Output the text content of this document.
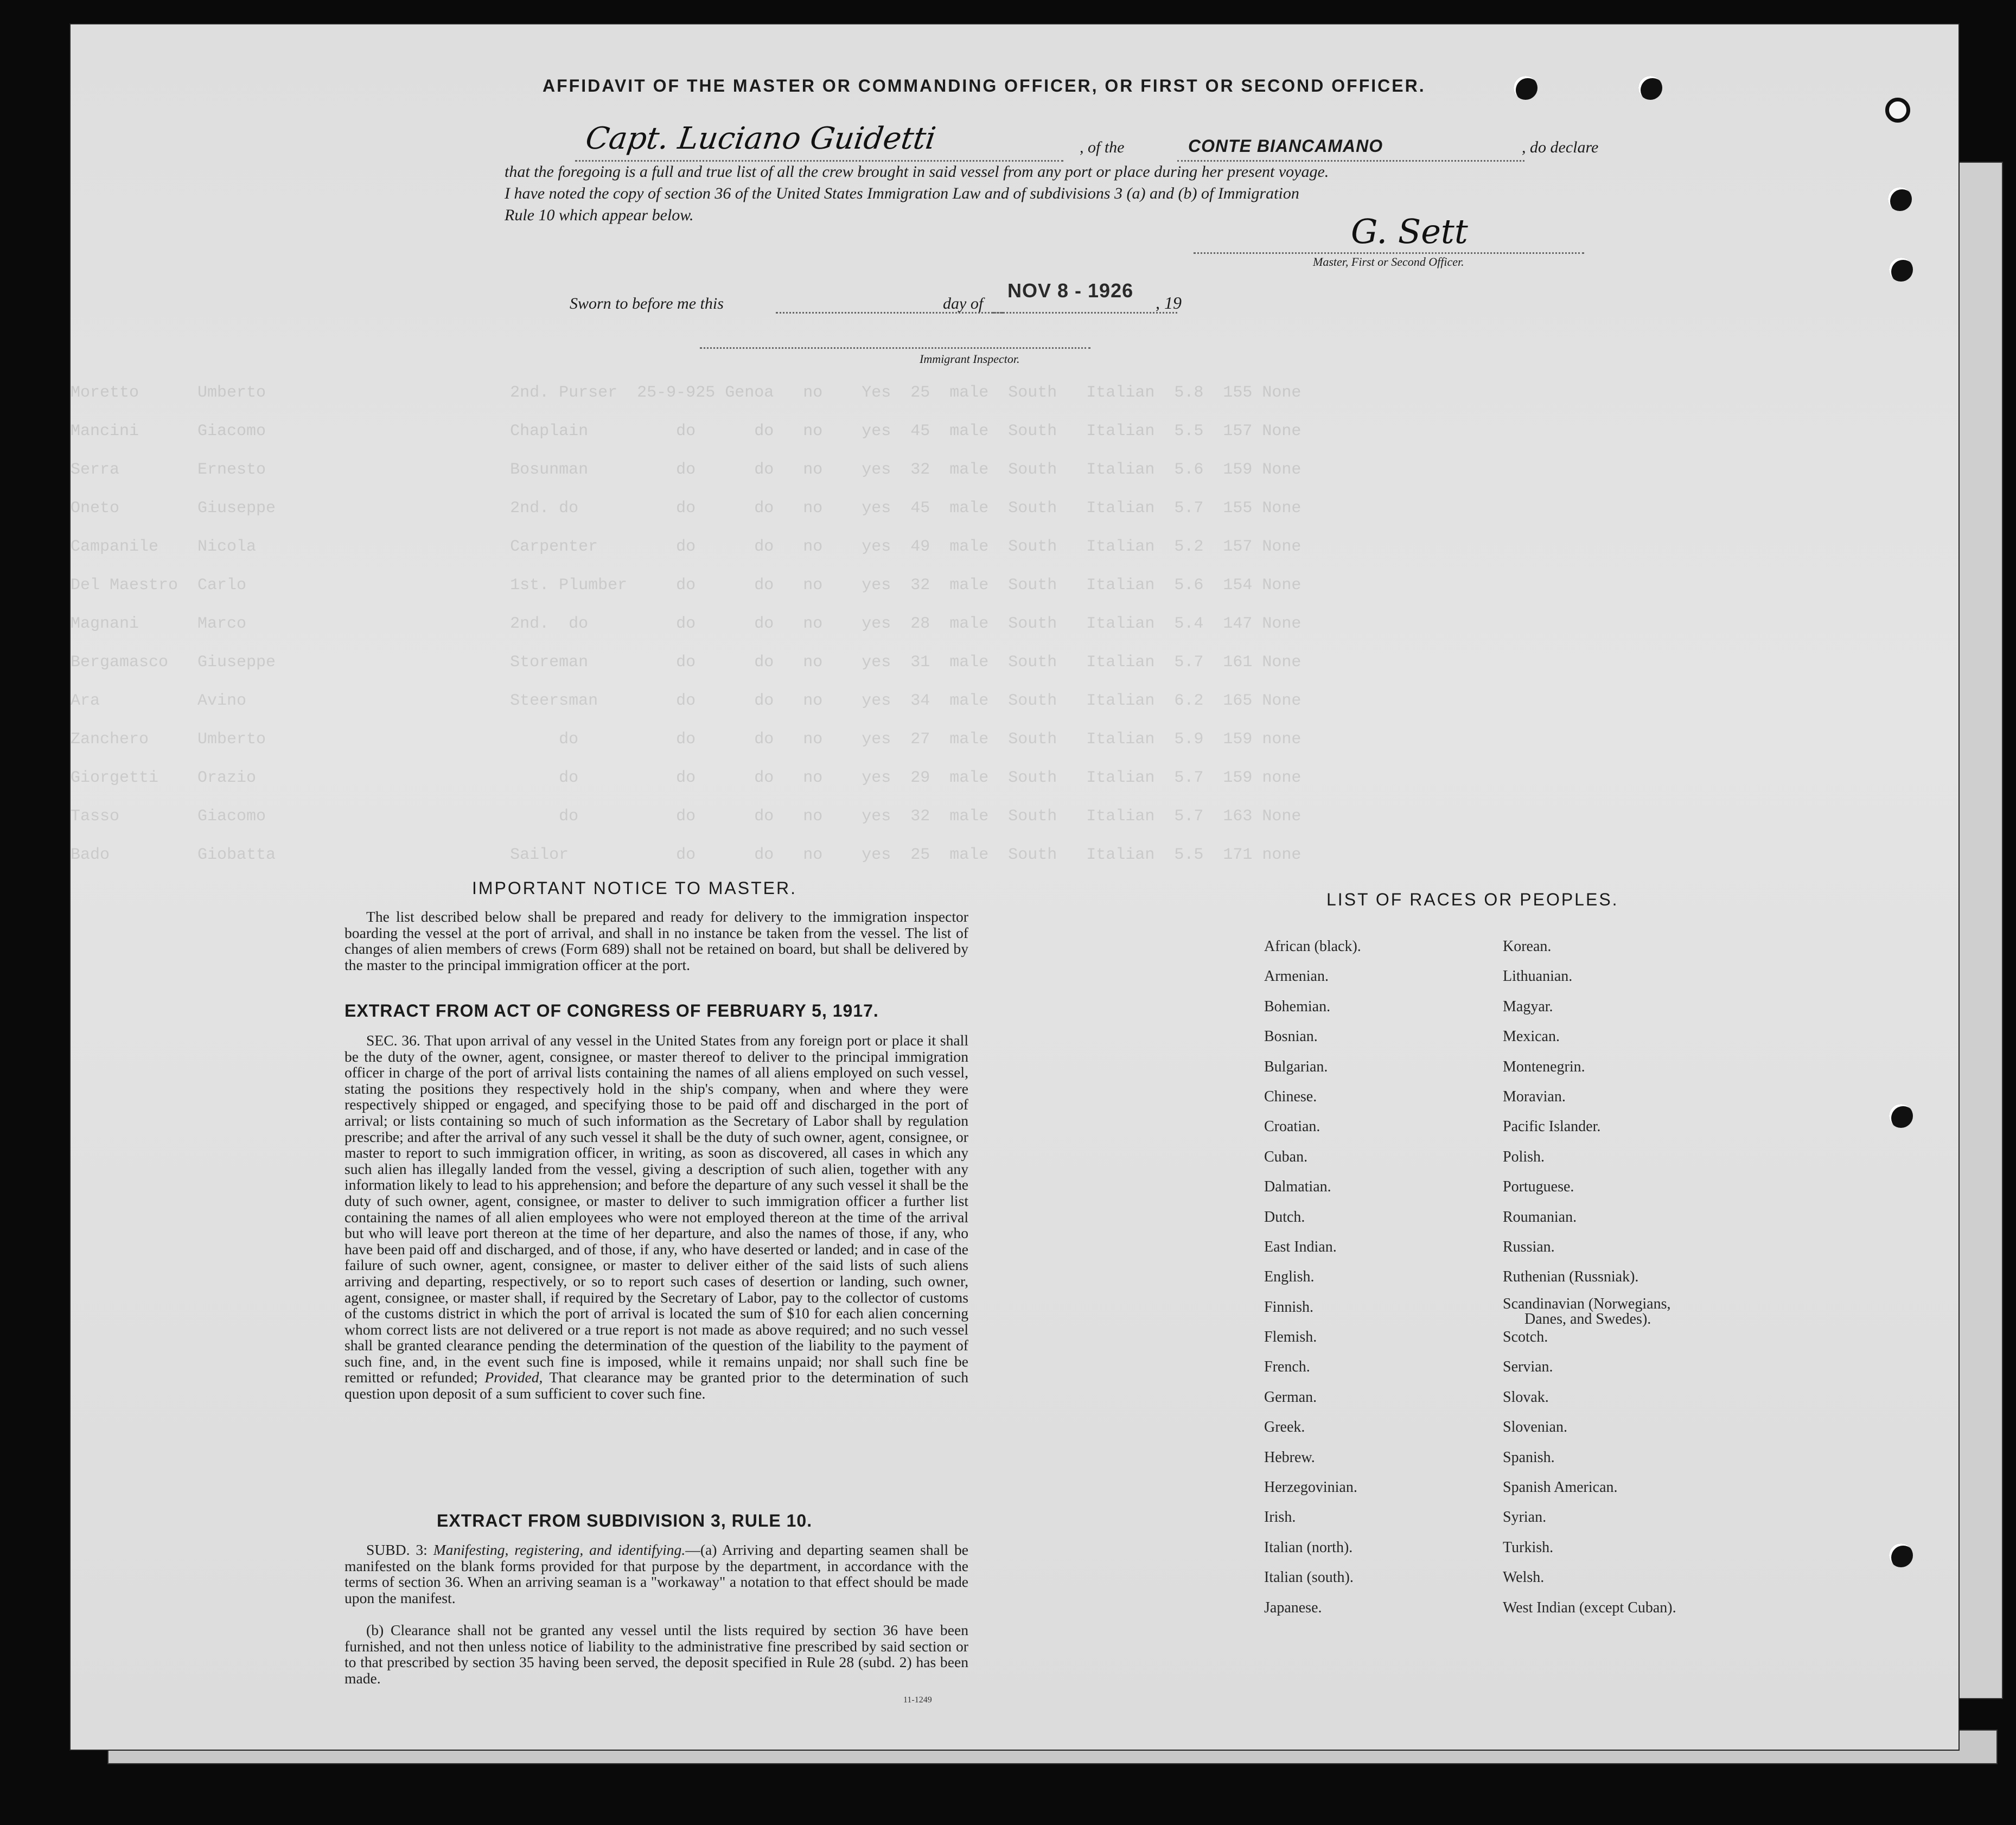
Moretto      Umberto                         2nd. Purser  25-9-925 Genoa   no    Yes  25  male  South   Italian  5.8  155 None
Mancini      Giacomo                         Chaplain         do      do   no    yes  45  male  South   Italian  5.5  157 None
Serra        Ernesto                         Bosunman         do      do   no    yes  32  male  South   Italian  5.6  159 None
Oneto        Giuseppe                        2nd. do          do      do   no    yes  45  male  South   Italian  5.7  155 None
Campanile    Nicola                          Carpenter        do      do   no    yes  49  male  South   Italian  5.2  157 None
Del Maestro  Carlo                           1st. Plumber     do      do   no    yes  32  male  South   Italian  5.6  154 None
Magnani      Marco                           2nd.  do         do      do   no    yes  28  male  South   Italian  5.4  147 None
Bergamasco   Giuseppe                        Storeman         do      do   no    yes  31  male  South   Italian  5.7  161 None
Ara          Avino                           Steersman        do      do   no    yes  34  male  South   Italian  6.2  165 None
Zanchero     Umberto                              do          do      do   no    yes  27  male  South   Italian  5.9  159 none
Giorgetti    Orazio                               do          do      do   no    yes  29  male  South   Italian  5.7  159 none
Tasso        Giacomo                              do          do      do   no    yes  32  male  South   Italian  5.7  163 None
Bado         Giobatta                        Sailor           do      do   no    yes  25  male  South   Italian  5.5  171 none
AFFIDAVIT OF THE MASTER OR COMMANDING OFFICER, OR FIRST OR SECOND OFFICER.
Capt. Luciano Guidetti	, of the	CONTE BIANCAMANO	, do declare
that the foregoing is a full and true list of all the crew brought in said vessel from any port or place during her present voyage.
I have noted the copy of section 36 of the United States Immigration Law and of subdivisions 3 (a) and (b) of Immigration
Rule 10 which appear below.	G. Sett
Master, First or Second Officer.
Sworn to before me this	day of
NOV 8 - 1926
, 19
Immigrant Inspector.
IMPORTANT NOTICE TO MASTER.
The list described below shall be prepared and ready for delivery to the immigration inspector boarding the vessel at the port of arrival, and shall in no instance be taken from the vessel. The list of changes of alien members of crews (Form 689) shall not be retained on board, but shall be delivered by the master to the principal immigration officer at the port.
EXTRACT FROM ACT OF CONGRESS OF FEBRUARY 5, 1917.
SEC. 36. That upon arrival of any vessel in the United States from any foreign port or place it shall be the duty of the owner, agent, consignee, or master thereof to deliver to the principal immigration officer in charge of the port of arrival lists containing the names of all aliens employed on such vessel, stating the positions they respectively hold in the ship's company, when and where they were respectively shipped or engaged, and specifying those to be paid off and discharged in the port of arrival; or lists containing so much of such information as the Secretary of Labor shall by regulation prescribe; and after the arrival of any such vessel it shall be the duty of such owner, agent, consignee, or master to report to such immigration officer, in writing, as soon as discovered, all cases in which any such alien has illegally landed from the vessel, giving a description of such alien, together with any information likely to lead to his apprehension; and before the departure of any such vessel it shall be the duty of such owner, agent, consignee, or master to deliver to such immigration officer a further list containing the names of all alien employees who were not employed thereon at the time of the arrival but who will leave port thereon at the time of her departure, and also the names of those, if any, who have been paid off and discharged, and of those, if any, who have deserted or landed; and in case of the failure of such owner, agent, consignee, or master to deliver either of the said lists of such aliens arriving and departing, respectively, or so to report such cases of desertion or landing, such owner, agent, consignee, or master shall, if required by the Secretary of Labor, pay to the collector of customs of the customs district in which the port of arrival is located the sum of $10 for each alien concerning whom correct lists are not delivered or a true report is not made as above required; and no such vessel shall be granted clearance pending the determination of the question of the liability to the payment of such fine, and, in the event such fine is imposed, while it remains unpaid; nor shall such fine be remitted or refunded; Provided, That clearance may be granted prior to the determination of such question upon deposit of a sum sufficient to cover such fine.
EXTRACT FROM SUBDIVISION 3, RULE 10.
SUBD. 3: Manifesting, registering, and identifying.—(a) Arriving and departing seamen shall be manifested on the blank forms provided for that purpose by the department, in accordance with the terms of section 36. When an arriving seaman is a "workaway" a notation to that effect should be made upon the manifest.
(b) Clearance shall not be granted any vessel until the lists required by section 36 have been furnished, and not then unless notice of liability to the administrative fine prescribed by said section or to that prescribed by section 35 having been served, the deposit specified in Rule 28 (subd. 2) has been made.
11-1249
LIST OF RACES OR PEOPLES.
African (black).
Armenian.
Bohemian.
Bosnian.
Bulgarian.
Chinese.
Croatian.
Cuban.
Dalmatian.
Dutch.
East Indian.
English.
Finnish.
Flemish.
French.
German.
Greek.
Hebrew.
Herzegovinian.
Irish.
Italian (north).
Italian (south).
Japanese.
Korean.
Lithuanian.
Magyar.
Mexican.
Montenegrin.
Moravian.
Pacific Islander.
Polish.
Portuguese.
Roumanian.
Russian.
Ruthenian (Russniak).
Scandinavian (Norwegians,
Danes, and Swedes).
Scotch.
Servian.
Slovak.
Slovenian.
Spanish.
Spanish American.
Syrian.
Turkish.
Welsh.
West Indian (except Cuban).
